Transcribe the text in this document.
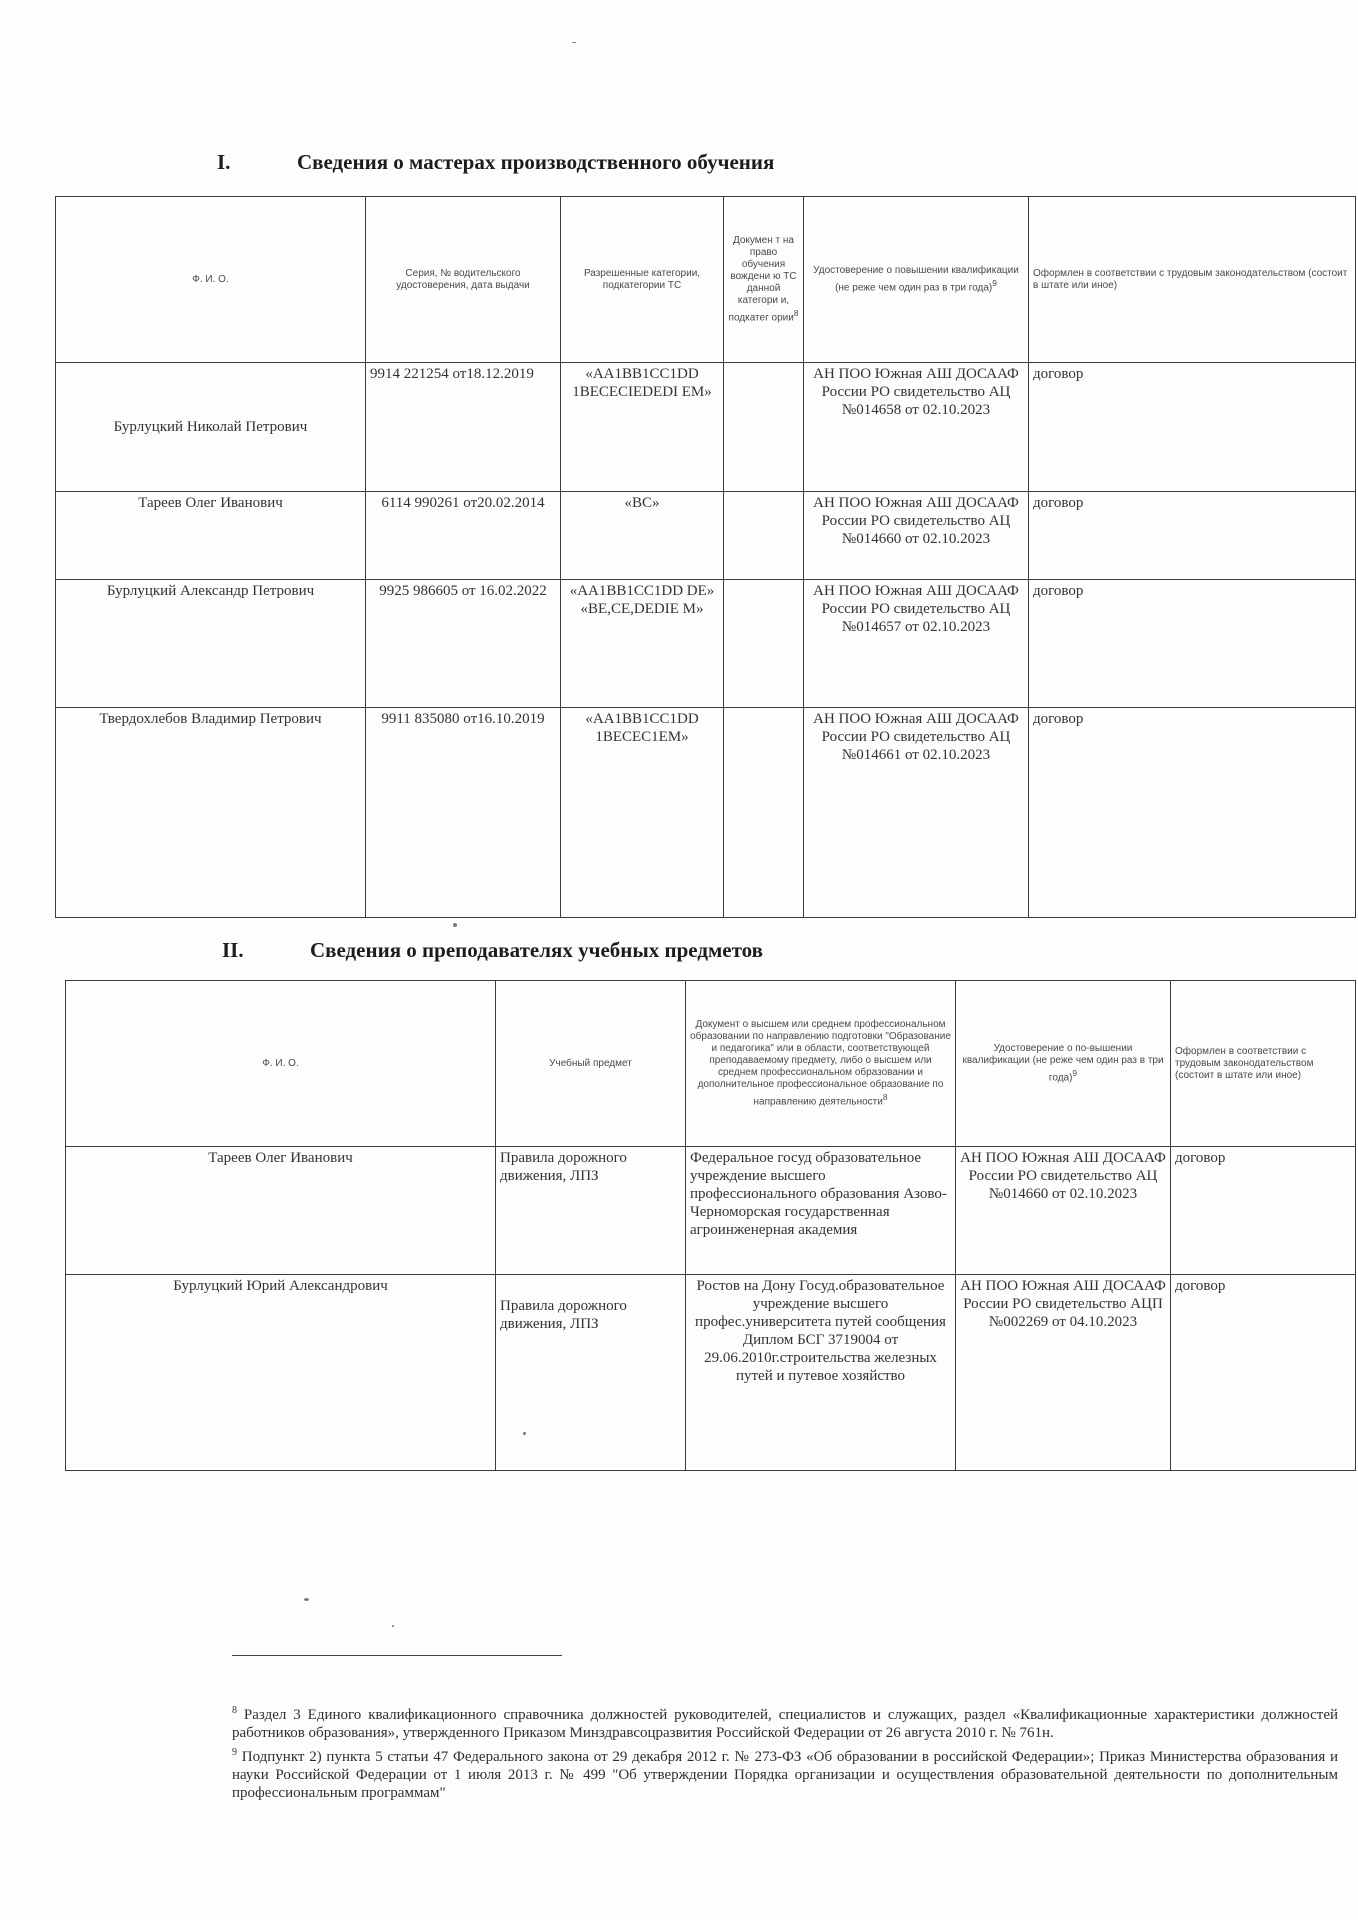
I.	Сведения о мастерах производственного обучения
Ф. И. О.	Серия, № водительского удостоверения, дата выдачи	Разрешенные категории, подкатегории ТС	Докумен т на право обучения вождени ю ТС данной категори и, подкатег ории$^8$	Удостоверение о повышении квалификации (не реже чем один раз в три года)$^9$	Оформлен в соответствии с трудовым законодательством (состоит в штате или иное)
Бурлуцкий Николай Петрович	9914 221254 от18.12.2019	«AA1BB1CC1DD 1BECECIEDEDI EM»		АН ПОО Южная АШ ДОСААФ России РО свидетельство АЦ №014658 от 02.10.2023	договор
Тареев Олег Иванович	6114 990261 от20.02.2014	«ВС»		АН ПОО Южная АШ ДОСААФ России РО свидетельство АЦ №014660 от 02.10.2023	договор
Бурлуцкий Александр Петрович	9925 986605 от 16.02.2022	«AA1BB1CC1DD DE» «ВЕ,СЕ,DЕDIЕ М»		АН ПОО Южная АШ ДОСААФ России РО свидетельство АЦ №014657 от 02.10.2023	договор
Твердохлебов Владимир Петрович	9911 835080 от16.10.2019	«AA1BB1CC1DD 1BECEC1EM»		АН ПОО Южная АШ ДОСААФ России РО свидетельство АЦ №014661 от 02.10.2023	договор
II.	Сведения о преподавателях учебных предметов
Ф. И. О.	Учебный предмет	Документ о высшем или среднем профессиональном образовании по направлению подготовки "Образование и педагогика" или в области, соответствующей преподаваемому предмету, либо о высшем или среднем профессиональном образовании и дополнительное профессиональное образование по направлению деятельности$^8$	Удостоверение о по-вышении квалификации (не реже чем один раз в три года)$^9$	Оформлен в соответствии с трудовым законодательством (состоит в штате или иное)
Тареев Олег Иванович	Правила дорожного движения, ЛПЗ	Федеральное госуд образовательное учреждение высшего профессионального образования Азово-Черноморская государственная агроинженерная академия	АН ПОО Южная АШ ДОСААФ России РО свидетельство АЦ №014660 от 02.10.2023	договор
Бурлуцкий Юрий Александрович	Правила дорожного движения, ЛПЗ	Ростов на Дону Госуд.образовательное учреждение высшего профес.университета путей сообщения Диплом БСГ 3719004 от 29.06.2010г.строительства железных путей и путевое хозяйство	АН ПОО Южная АШ ДОСААФ России РО свидетельство АЦП №002269 от 04.10.2023	договор

$^8$ Раздел 3 Единого квалификационного справочника должностей руководителей, специалистов и служащих, раздел «Квалификационные характеристики должностей работников образования», утвержденного Приказом Минздравсоцразвития Российской Федерации от 26 августа 2010 г. № 761н.

$^9$ Подпункт 2) пункта 5 статьи 47 Федерального закона от 29 декабря 2012 г. № 273-ФЗ «Об образовании в российской Федерации»; Приказ Министерства образования и науки Российской Федерации от 1 июля 2013 г. № 499 "Об утверждении Порядка организации и осуществления образовательной деятельности по дополнительным профессиональным программам"
